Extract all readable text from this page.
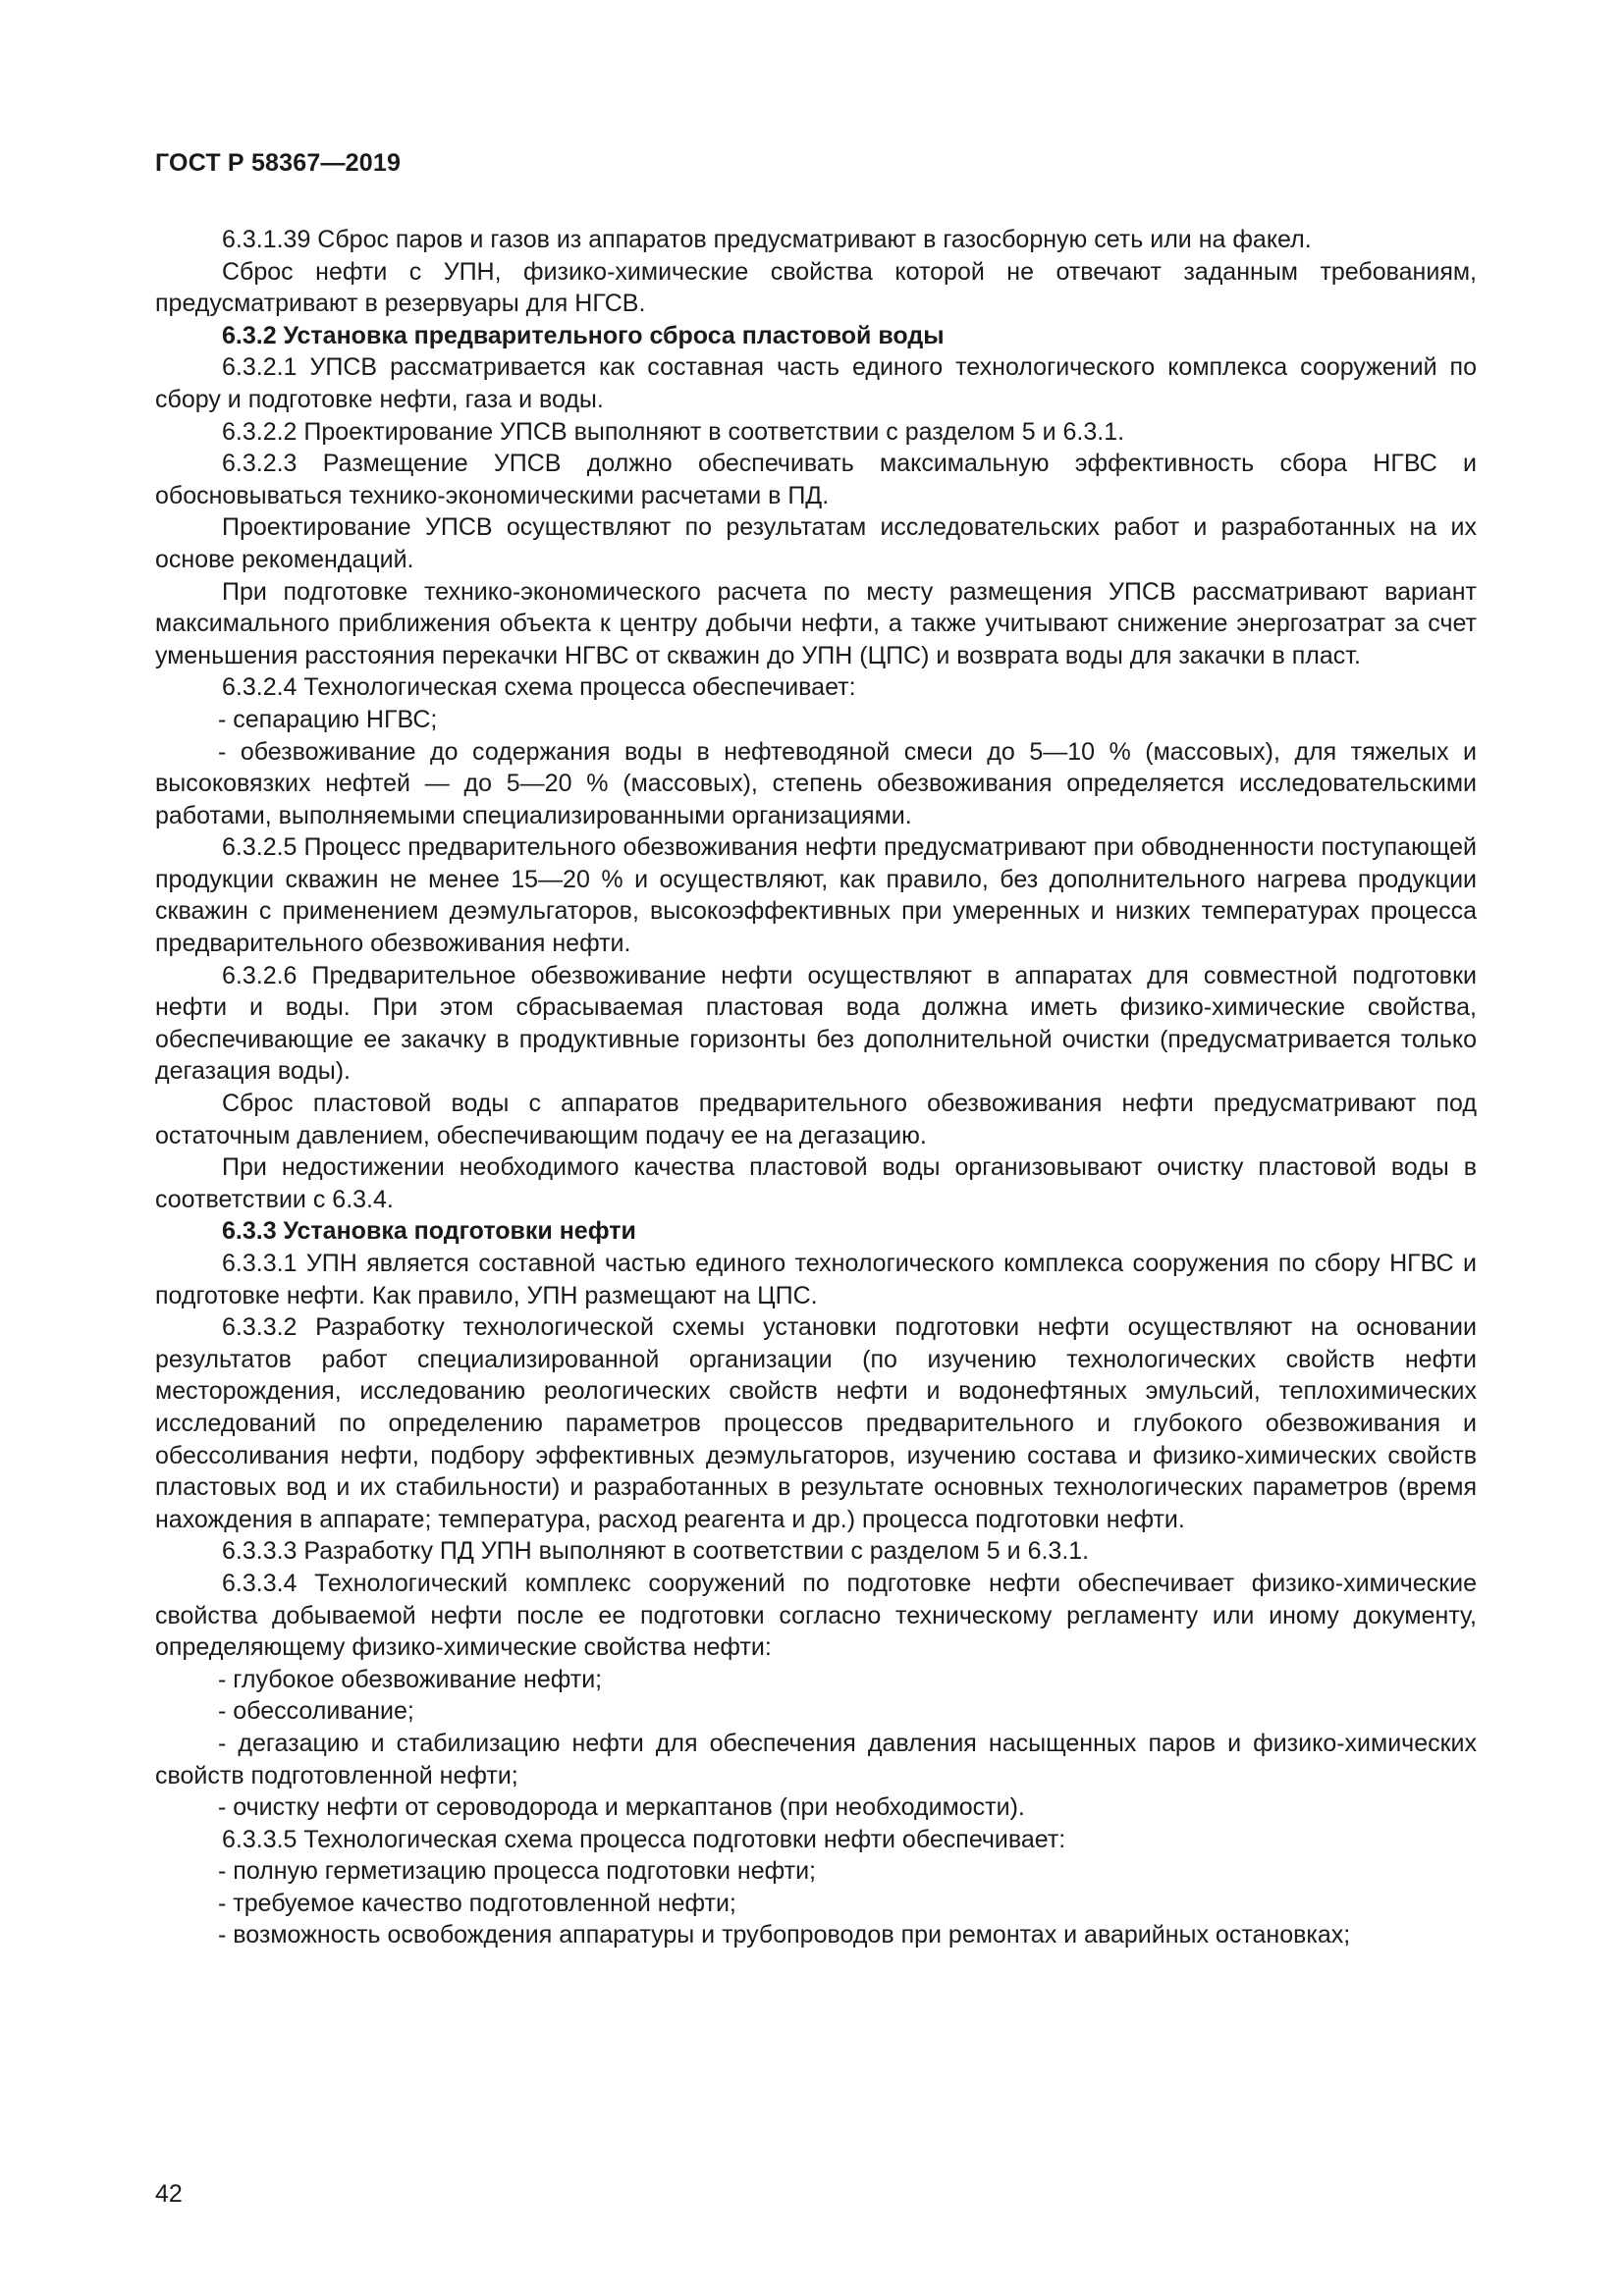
ГОСТ Р 58367—2019

6.3.1.39 Сброс паров и газов из аппаратов предусматривают в газосборную сеть или на факел.

Сброс нефти с УПН, физико-химические свойства которой не отвечают заданным требованиям, предусматривают в резервуары для НГСВ.

6.3.2 Установка предварительного сброса пластовой воды

6.3.2.1 УПСВ рассматривается как составная часть единого технологического комплекса сооружений по сбору и подготовке нефти, газа и воды.

6.3.2.2 Проектирование УПСВ выполняют в соответствии с разделом 5 и 6.3.1.

6.3.2.3 Размещение УПСВ должно обеспечивать максимальную эффективность сбора НГВС и обосновываться технико-экономическими расчетами в ПД.

Проектирование УПСВ осуществляют по результатам исследовательских работ и разработанных на их основе рекомендаций.

При подготовке технико-экономического расчета по месту размещения УПСВ рассматривают вариант максимального приближения объекта к центру добычи нефти, а также учитывают снижение энергозатрат за счет уменьшения расстояния перекачки НГВС от скважин до УПН (ЦПС) и возврата воды для закачки в пласт.

6.3.2.4 Технологическая схема процесса обеспечивает:

- сепарацию НГВС;

- обезвоживание до содержания воды в нефтеводяной смеси до 5—10 % (массовых), для тяжелых и высоковязких нефтей — до 5—20 % (массовых), степень обезвоживания определяется исследовательскими работами, выполняемыми специализированными организациями.

6.3.2.5 Процесс предварительного обезвоживания нефти предусматривают при обводненности поступающей продукции скважин не менее 15—20 % и осуществляют, как правило, без дополнительного нагрева продукции скважин с применением деэмульгаторов, высокоэффективных при умеренных и низких температурах процесса предварительного обезвоживания нефти.

6.3.2.6 Предварительное обезвоживание нефти осуществляют в аппаратах для совместной подготовки нефти и воды. При этом сбрасываемая пластовая вода должна иметь физико-химические свойства, обеспечивающие ее закачку в продуктивные горизонты без дополнительной очистки (предусматривается только дегазация воды).

Сброс пластовой воды с аппаратов предварительного обезвоживания нефти предусматривают под остаточным давлением, обеспечивающим подачу ее на дегазацию.

При недостижении необходимого качества пластовой воды организовывают очистку пластовой воды в соответствии с 6.3.4.

6.3.3 Установка подготовки нефти

6.3.3.1 УПН является составной частью единого технологического комплекса сооружения по сбору НГВС и подготовке нефти. Как правило, УПН размещают на ЦПС.

6.3.3.2 Разработку технологической схемы установки подготовки нефти осуществляют на основании результатов работ специализированной организации (по изучению технологических свойств нефти месторождения, исследованию реологических свойств нефти и водонефтяных эмульсий, теплохимических исследований по определению параметров процессов предварительного и глубокого обезвоживания и обессоливания нефти, подбору эффективных деэмульгаторов, изучению состава и физико-химических свойств пластовых вод и их стабильности) и разработанных в результате основных технологических параметров (время нахождения в аппарате; температура, расход реагента и др.) процесса подготовки нефти.

6.3.3.3 Разработку ПД УПН выполняют в соответствии с разделом 5 и 6.3.1.

6.3.3.4 Технологический комплекс сооружений по подготовке нефти обеспечивает физико-химические свойства добываемой нефти после ее подготовки согласно техническому регламенту или иному документу, определяющему физико-химические свойства нефти:

- глубокое обезвоживание нефти;

- обессоливание;

- дегазацию и стабилизацию нефти для обеспечения давления насыщенных паров и физико-химических свойств подготовленной нефти;

- очистку нефти от сероводорода и меркаптанов (при необходимости).

6.3.3.5 Технологическая схема процесса подготовки нефти обеспечивает:

- полную герметизацию процесса подготовки нефти;

- требуемое качество подготовленной нефти;

- возможность освобождения аппаратуры и трубопроводов при ремонтах и аварийных остановках;

42
